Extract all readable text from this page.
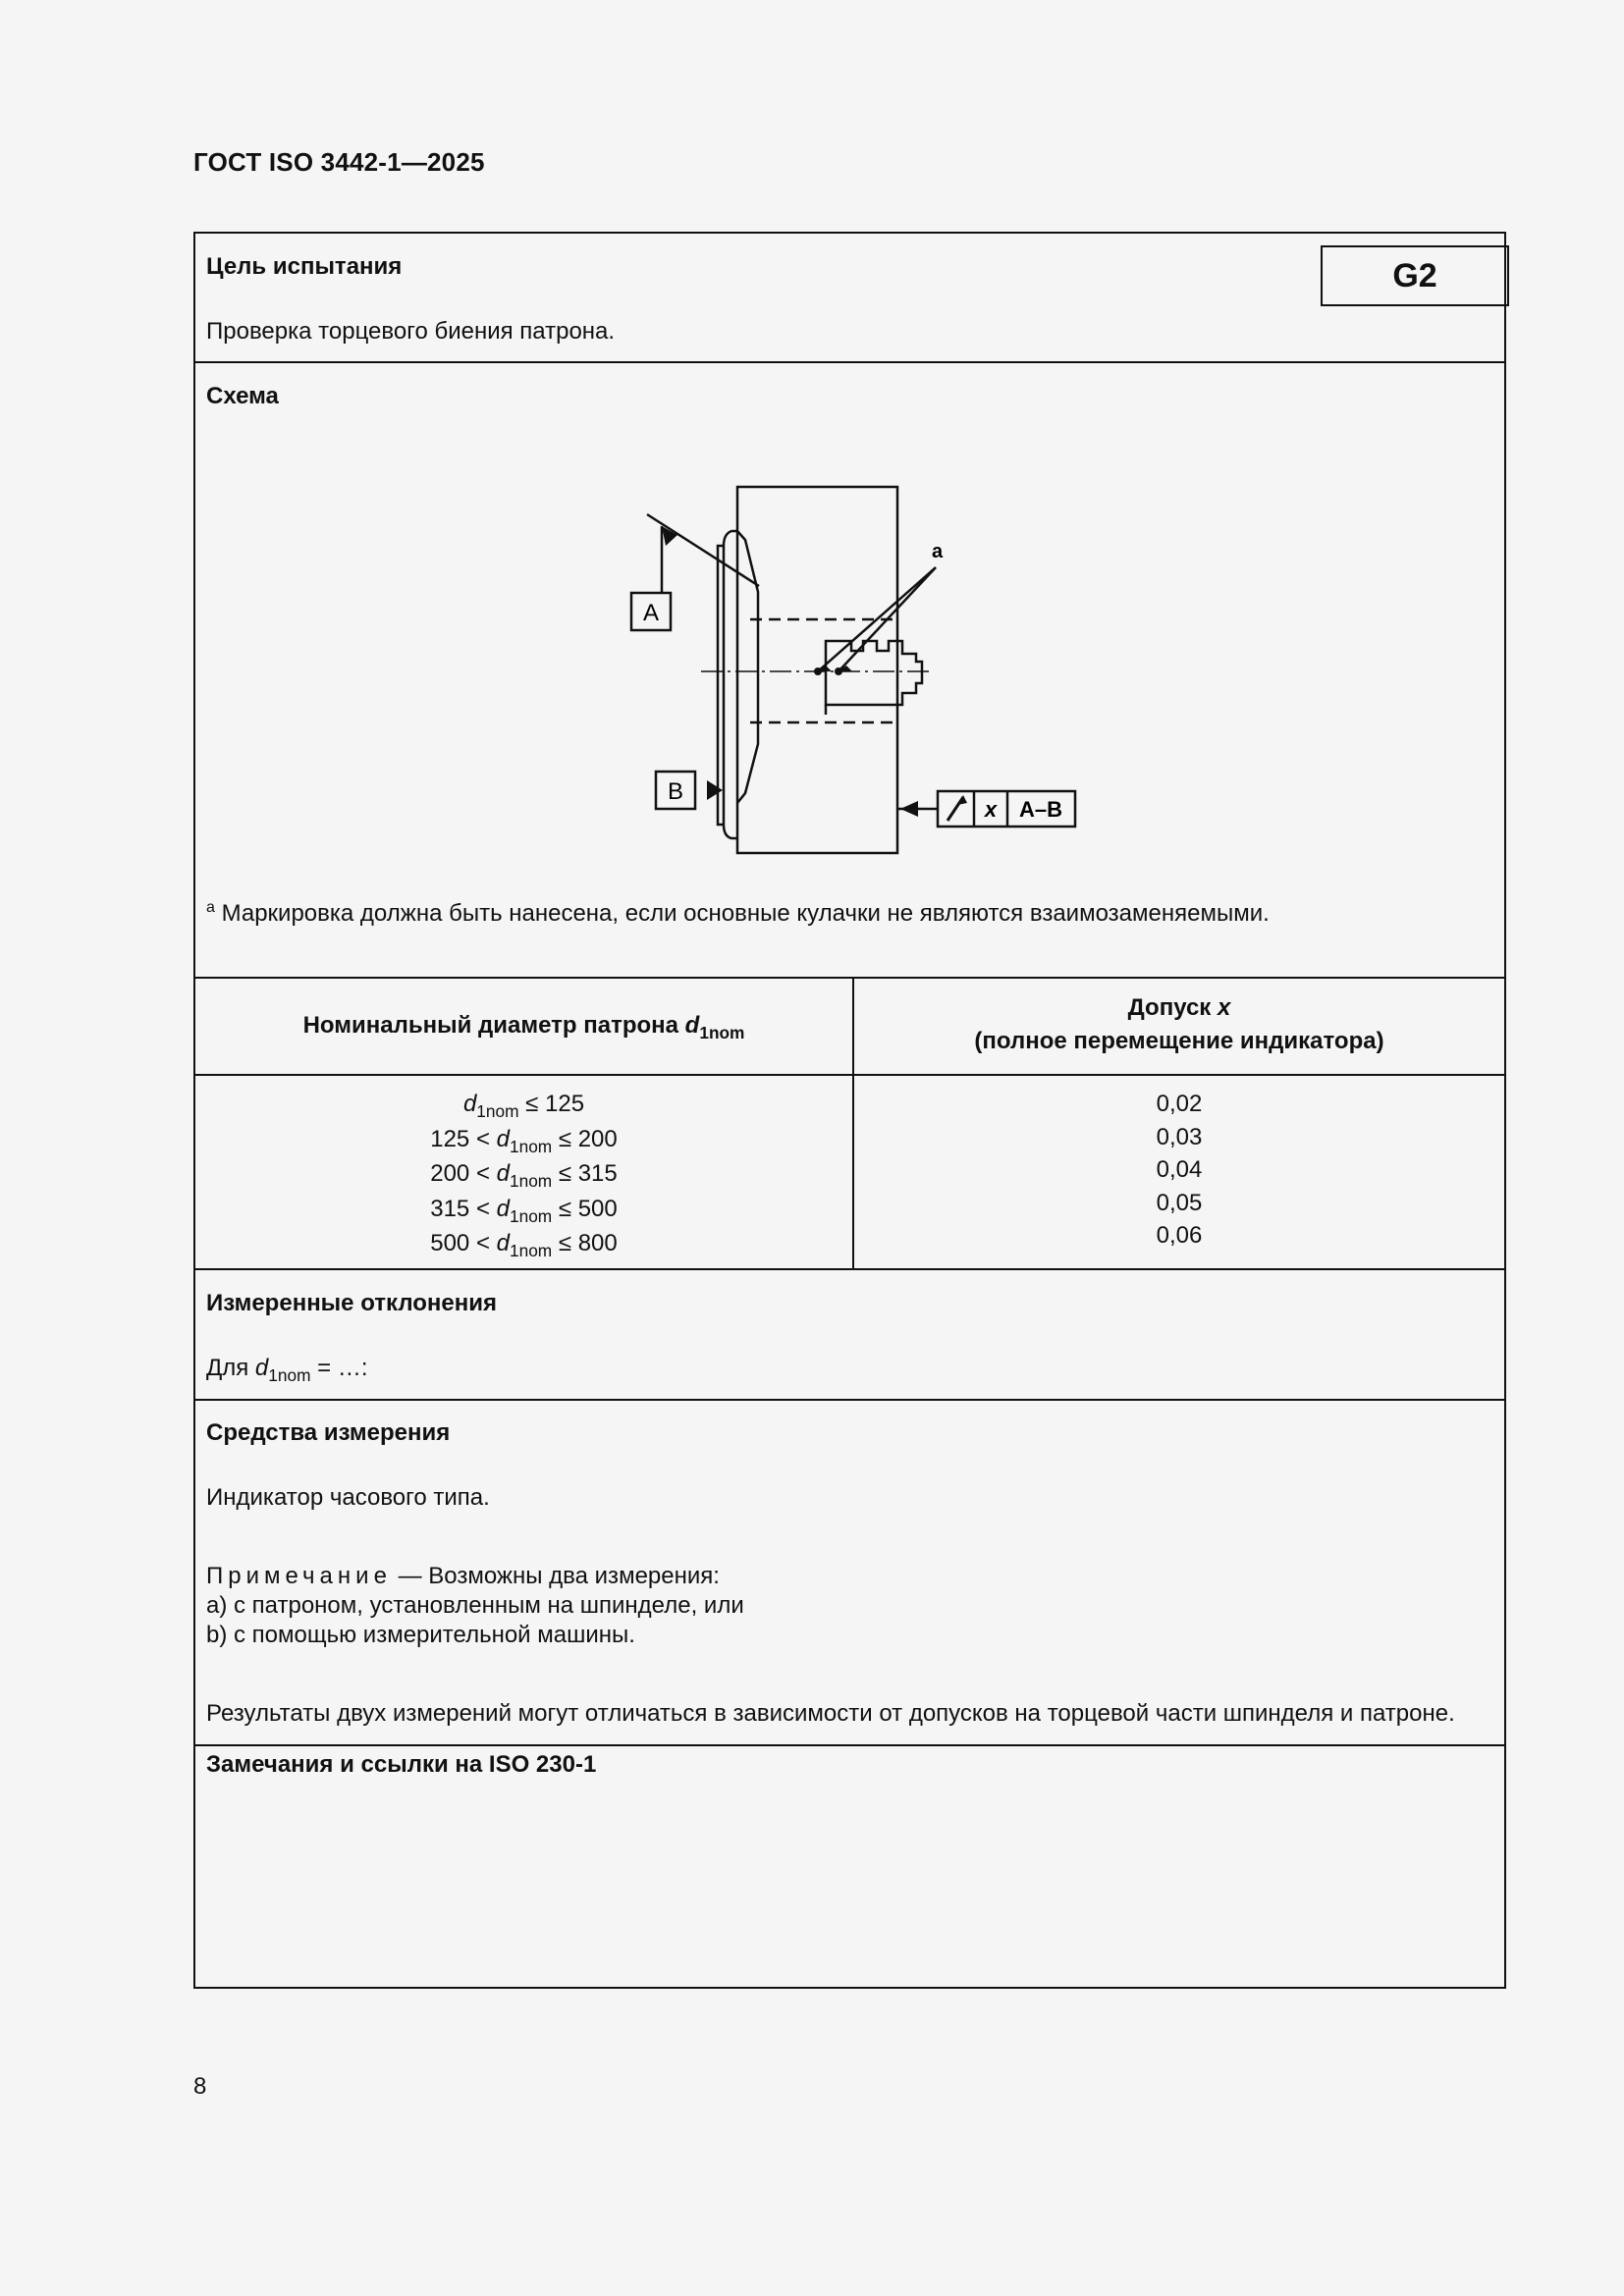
ГОСТ ISO 3442-1—2025
Цель испытания	G2
Проверка торцевого биения патрона.
Схема
A
B
a
x A–B
$^a$ Маркировка должна быть нанесена, если основные кулачки не являются взаимозаменяемыми.
Номинальный диаметр патрона $d_{1nom}$
Допуск x
(полное перемещение индикатора)
$d_{1nom} \le 125$
$125 < d_{1nom} \le 200$
$200 < d_{1nom} \le 315$
$315 < d_{1nom} \le 500$
$500 < d_{1nom} \le 800$
0,02
0,03
0,04
0,05
0,06
Измеренные отклонения
Для $d_{1nom}$ = …:
Средства измерения
Индикатор часового типа.
Примечание — Возможны два измерения:
a) с патроном, установленным на шпинделе, или
b) с помощью измерительной машины.
Результаты двух измерений могут отличаться в зависимости от допусков на торцевой части шпинделя и патроне.
Замечания и ссылки на ISO 230-1
8
